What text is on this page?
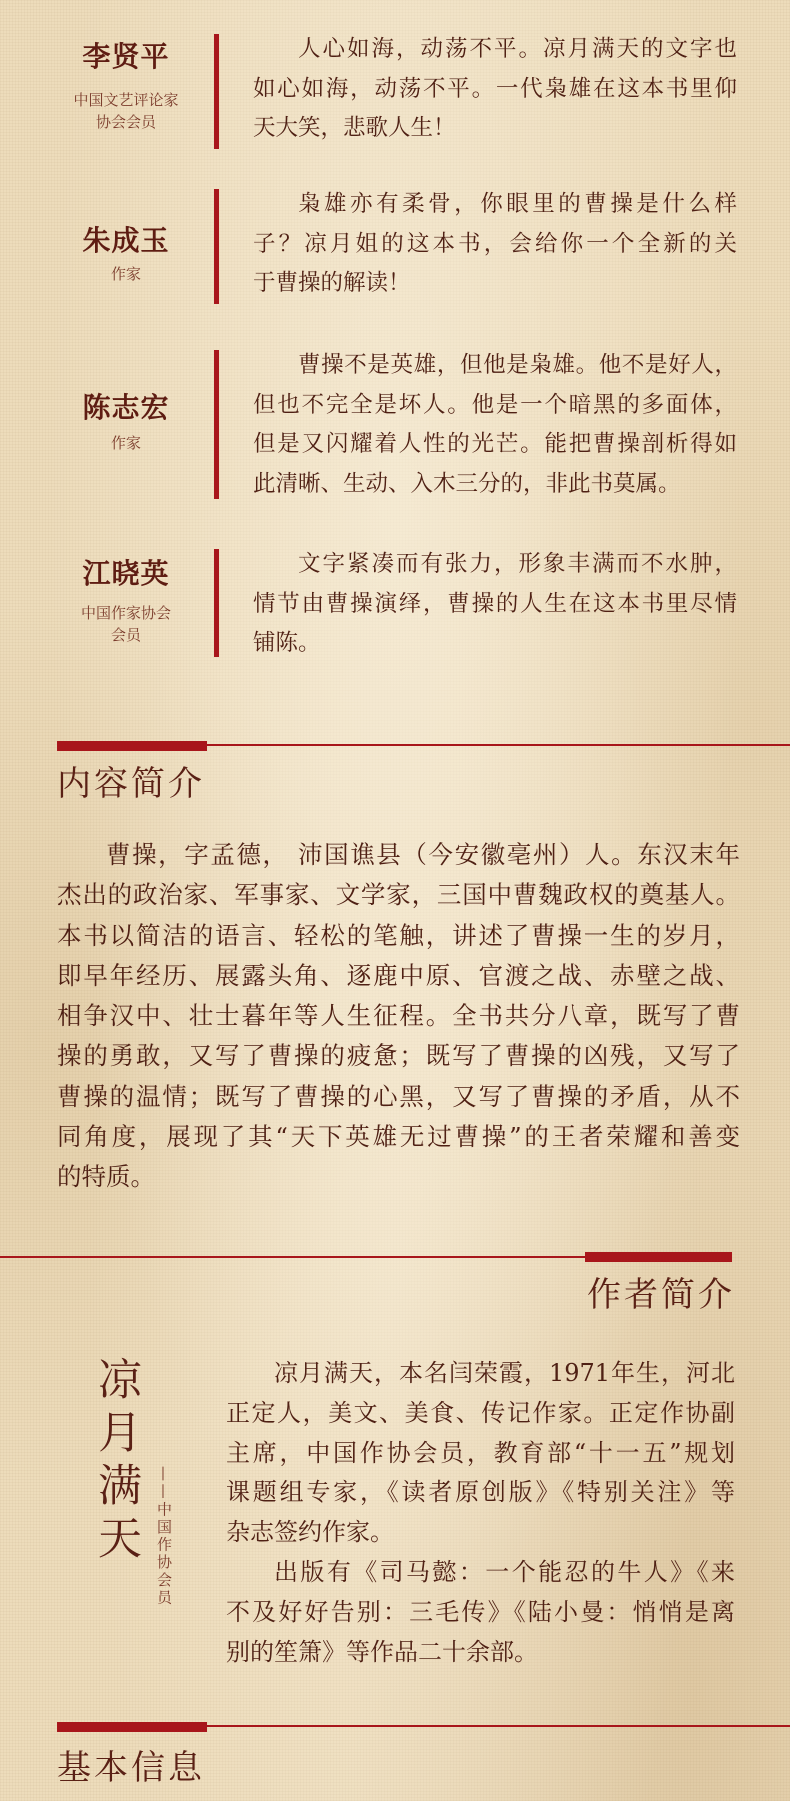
李贤平
中国文艺评论家
协会会员
人心如海，动荡不平。凉月满天的文字也
如心如海，动荡不平。一代枭雄在这本书里仰
天大笑，悲歌人生！
朱成玉
作家
枭雄亦有柔骨，你眼里的曹操是什么样
子？凉月姐的这本书，会给你一个全新的关
于曹操的解读！
陈志宏
作家
曹操不是英雄，但他是枭雄。他不是好人，
但也不完全是坏人。他是一个暗黑的多面体，
但是又闪耀着人性的光芒。能把曹操剖析得如
此清晰、生动、入木三分的，非此书莫属。
江晓英
中国作家协会
会员
文字紧凑而有张力，形象丰满而不水肿，
情节由曹操演绎，曹操的人生在这本书里尽情
铺陈。
内容简介
曹操，字孟德， 沛国谯县（今安徽亳州）人。东汉末年
杰出的政治家、军事家、文学家，三国中曹魏政权的奠基人。
本书以简洁的语言、轻松的笔触，讲述了曹操一生的岁月，
即早年经历、展露头角、逐鹿中原、官渡之战、赤壁之战、
相争汉中、壮士暮年等人生征程。全书共分八章，既写了曹
操的勇敢，又写了曹操的疲惫；既写了曹操的凶残，又写了
曹操的温情；既写了曹操的心黑，又写了曹操的矛盾，从不
同角度，展现了其“天下英雄无过曹操”的王者荣耀和善变
的特质。
作者简介
凉月满天 ——中国作协会员
凉月满天，本名闫荣霞，1971年生，河北
正定人，美文、美食、传记作家。正定作协副
主席，中国作协会员，教育部“十一五”规划
课题组专家，《读者原创版》《特别关注》等
杂志签约作家。
出版有《司马懿：一个能忍的牛人》《来
不及好好告别：三毛传》《陆小曼：悄悄是离
别的笙箫》等作品二十余部。
基本信息
